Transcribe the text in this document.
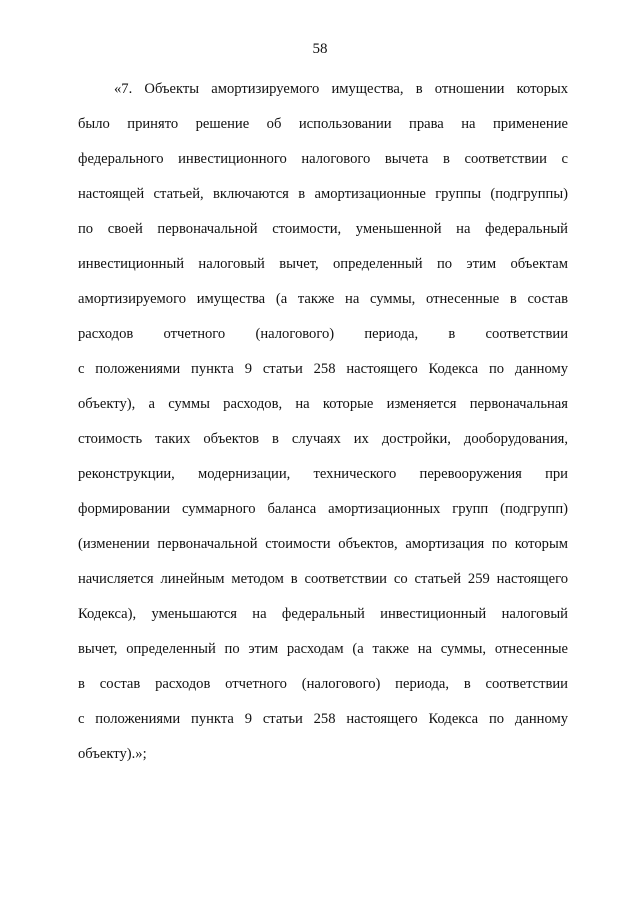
58
«7. Объекты амортизируемого имущества, в отношении которых
было принято решение об использовании права на применение
федерального инвестиционного налогового вычета в соответствии с
настоящей статьей, включаются в амортизационные группы (подгруппы)
по своей первоначальной стоимости, уменьшенной на федеральный
инвестиционный налоговый вычет, определенный по этим объектам
амортизируемого имущества (а также на суммы, отнесенные в состав
расходов отчетного (налогового) периода, в соответствии
с положениями пункта 9 статьи 258 настоящего Кодекса по данному
объекту), а суммы расходов, на которые изменяется первоначальная
стоимость таких объектов в случаях их достройки, дооборудования,
реконструкции, модернизации, технического перевооружения при
формировании суммарного баланса амортизационных групп (подгрупп)
(изменении первоначальной стоимости объектов, амортизация по которым
начисляется линейным методом в соответствии со статьей 259 настоящего
Кодекса), уменьшаются на федеральный инвестиционный налоговый
вычет, определенный по этим расходам (а также на суммы, отнесенные
в состав расходов отчетного (налогового) периода, в соответствии
с положениями пункта 9 статьи 258 настоящего Кодекса по данному
объекту).»;
